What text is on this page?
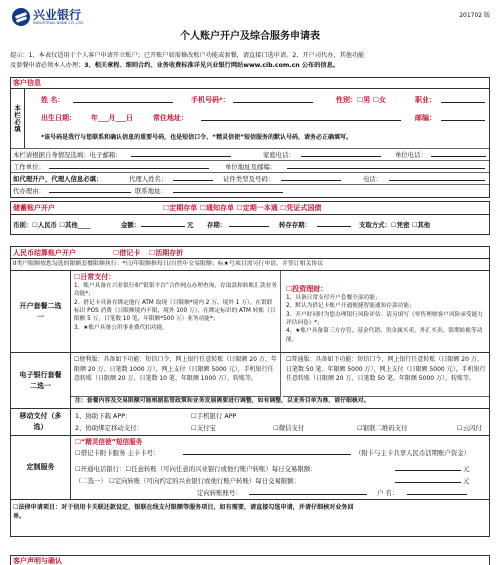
兴业银行
INDUSTRIAL BANK CO.,LTD.
201702 版
个人账户开户及综合服务申请表
提示：1、本表仅适用于个人客户申请开立账户；已开账户如需修改账户功能或套餐，请直接口选申请。2、开户司代办，其他功能
及套餐申请必须本人办理；3、相关章程、细则合约、业务收费标准详见兴业银行网站www.cib.com.cn 公布的信息。
客户信息
本栏必填
姓 名：	手机号码*：	性别：☐男 ☐女	职业：
出生日期： 年___月___日	常住地址：	邮编：
*该号码是我行与您联系和确认信息的重要号码，也是短信口令、“精灵信使”短信服务的默认号码，请务必正确填写。
本栏请根据自身情况选填：电子邮箱：	家庭电话：	单位电话：
工作单位：	单位地址及邮编：
如代理开户，代理人信息必填：	代理人姓名：	证件类型及号码：	电话：
代办理由：	联系地址：
储蓄账户开户	☐定期存单 ☐通知存单 ☐定期一本通 ☐凭证式国债
币别：☐人民币 ☐其他____	金额：	元 存期：	转存存期：	支取方式：☐凭密 ☐其他
人民币结算账户开户	☐借记卡 ☐活期存折
II类户限额按您勾选的限额套餐限额执行：*日/年限额指每日/自然年交易限额；标★号项目需另行申请，并签订相关协议
开户套餐二选一
☐日常支付：
1、账户具备在兴业银行和“银银平台”合作网点办理查询、存取款和转账汇款业务功能*；
2、借记卡具备在绑定他行 ATM 取现（日限额*境内 2 万、境外 1 万），在银联标识 POS 消费（日限额境内不限、境外 100 万），在绑定标识的 ATM 转账（日限额 5 万，日笔数 10 笔，年限额*500 万）业务功能*；
3、★账户具备公用事业费代扣功能。
☐投资理财：
1、具备日常支付开户套餐全部功能；
2、默认为借记卡账户开通便捷智能通知存款功能；
3、开户时同时为您办理银行风险评估：请另填写《零售理财客户风险承受能力评估问卷》*；
4、★账户具备第三方存管、基金代销、贵金属买卖、外汇买卖、银期转账等功能。
电子银行套餐二选一
☐便利版：具备如下功能：短信口令、网上银行任意转账（日限额 20 万、年限额 20 万、日笔数 1000 万），网上支付（日限额 5000 元），手机银行任意转账（日限额 20 万、日笔数 10 笔、年限额 1000 万）、转账等。
☐普通版：具备如下功能：短信口令、网上银行任意转账（日限额 20 万、日笔数 50 笔、年限额 5000 万），网上支付（日限额 5000 元），手机银行任意转账（日限额 20 万、日笔数 50 笔、年限额 5000 万），转账等。
注：套餐内容及交易限额可能根据监管政策和业务发展需要进行调整，如有调整，以业务目单为准，请仔细核对。
移动支付（多选）
1、协助下载 APP：	☐手机银行 APP
2、协助绑定移动支付：	☐支付宝	☐微信支付	☐银联二维码支付	☐云闪付
定制服务
☐“精灵信使”短信服务
☐借记卡附卡服务 主卡卡号：	（附卡与主卡共享人民币活期账户资金）
☐开通电话银行：☐任意转账（可向任意的兴业银行或他行账户转账）每日交易限额：	元
（二选一） ☐定向转账（可向约定的兴业银行或他行账户转账）每日交易限额：	元
定向转账账号：	户 名：
☐法律申请项目：对于信用卡关联还款设定，银联在线支付限额等服务项目，如有需要，请直接勾选申请，并请仔细核对业务回
单。
客户声明与确认
